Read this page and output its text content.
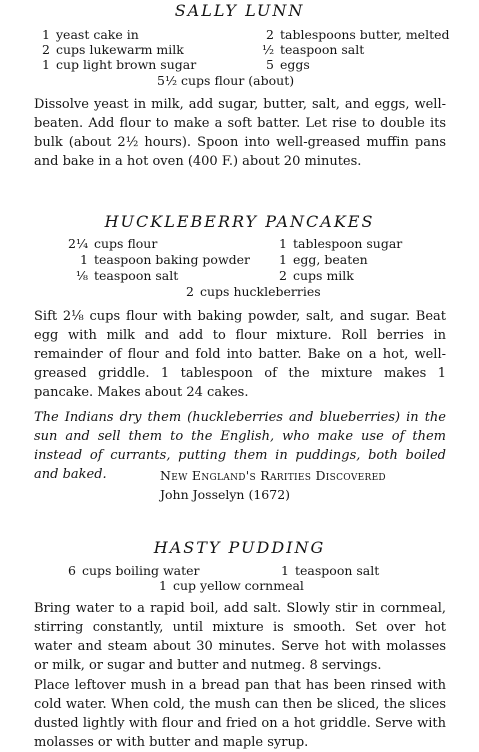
SALLY LUNN
1 yeast cake in
2 cups lukewarm milk
1 cup light brown sugar
2 tablespoons butter, melted
½ teaspoon salt
5 eggs
5½ cups flour (about)

Dissolve yeast in milk, add sugar, butter, salt, and eggs, well-beaten. Add flour to make a soft batter. Let rise to double its bulk (about 2½ hours). Spoon into well-greased muffin pans and bake in a hot oven (400 F.) about 20 minutes.

HUCKLEBERRY PANCAKES
2¼ cups flour
1 teaspoon baking powder
⅛ teaspoon salt
1 tablespoon sugar
1 egg, beaten
2 cups milk
2 cups huckleberries

Sift 2⅛ cups flour with baking powder, salt, and sugar. Beat egg with milk and add to flour mixture. Roll berries in remainder of flour and fold into batter. Bake on a hot, well-greased griddle. 1 tablespoon of the mixture makes 1 pancake. Makes about 24 cakes.

The Indians dry them (huckleberries and blueberries) in the sun and sell them to the English, who make use of them instead of currants, putting them in puddings, both boiled and baked.	New England's Rarities Discovered
John Josselyn (1672)
HASTY PUDDING
6 cups boiling water	1 teaspoon salt
1 cup yellow cornmeal

Bring water to a rapid boil, add salt. Slowly stir in cornmeal, stirring constantly, until mixture is smooth. Set over hot water and steam about 30 minutes. Serve hot with molasses or milk, or sugar and butter and nutmeg. 8 servings.

Place leftover mush in a bread pan that has been rinsed with cold water. When cold, the mush can then be sliced, the slices dusted lightly with flour and fried on a hot griddle. Serve with molasses or with butter and maple syrup.
